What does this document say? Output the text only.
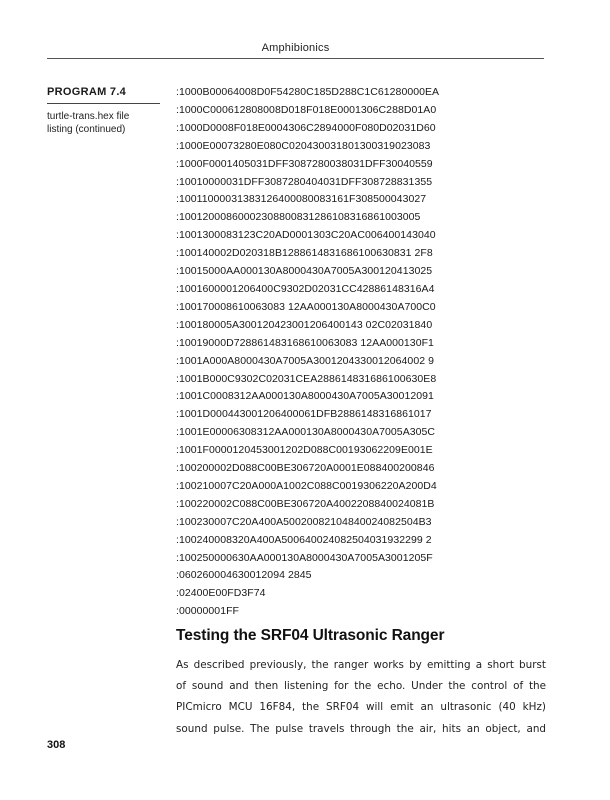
Amphibionics
PROGRAM 7.4
turtle-trans.hex file
listing (continued)
:1000B00064008D0F54280C185D288C1C61280000EA
:1000C000612808008D018F018E0001306C288D01A0
:1000D0008F018E0004306C2894000F080D02031D60
:1000E00073280E080C020430031801300319023083
:1000F0001405031DFF3087280038031DFF30040559
:10010000031DFF3087280404031DFF308728831355
:10011000031383126400080083161F308500043027
:10012000860002308800831286108316861003005
:1001300083123C20AD0001303C20AC006400143040
:100140002D020318B1288614831686100630831 2F8
:10015000AA000130A8000430A7005A300120413025
:1001600001206400C9302D02031CC42886148316A4
:100170008610063083 12AA000130A8000430A700C0
:100180005A300120423001206400143 02C02031840
:10019000D728861483168610063083 12AA000130F1
:1001A000A8000430A7005A3001204330012064002 9
:1001B000C9302C02031CEA288614831686100630E8
:1001C0008312AA000130A8000430A7005A30012091
:1001D000443001206400061DFB2886148316861017
:1001E00006308312AA000130A8000430A7005A305C
:1001F0000120453001202D088C00193062209E001E
:100200002D088C00BE306720A0001E088400200846
:100210007C20A000A1002C088C0019306220A200D4
:100220002C088C00BE306720A4002208840024081B
:100230007C20A400A50020082104840024082504B3
:100240008320A400A500640024082504031932299 2
:100250000630AA000130A8000430A7005A3001205F
:060260004630012094 2845
:02400E00FD3F74
:00000001FF
Testing the SRF04 Ultrasonic Ranger
As described previously, the ranger works by emitting a short burst
of sound and then listening for the echo. Under the control of the
PICmicro MCU 16F84, the SRF04 will emit an ultrasonic (40 kHz)
sound pulse. The pulse travels through the air, hits an object, and
308
